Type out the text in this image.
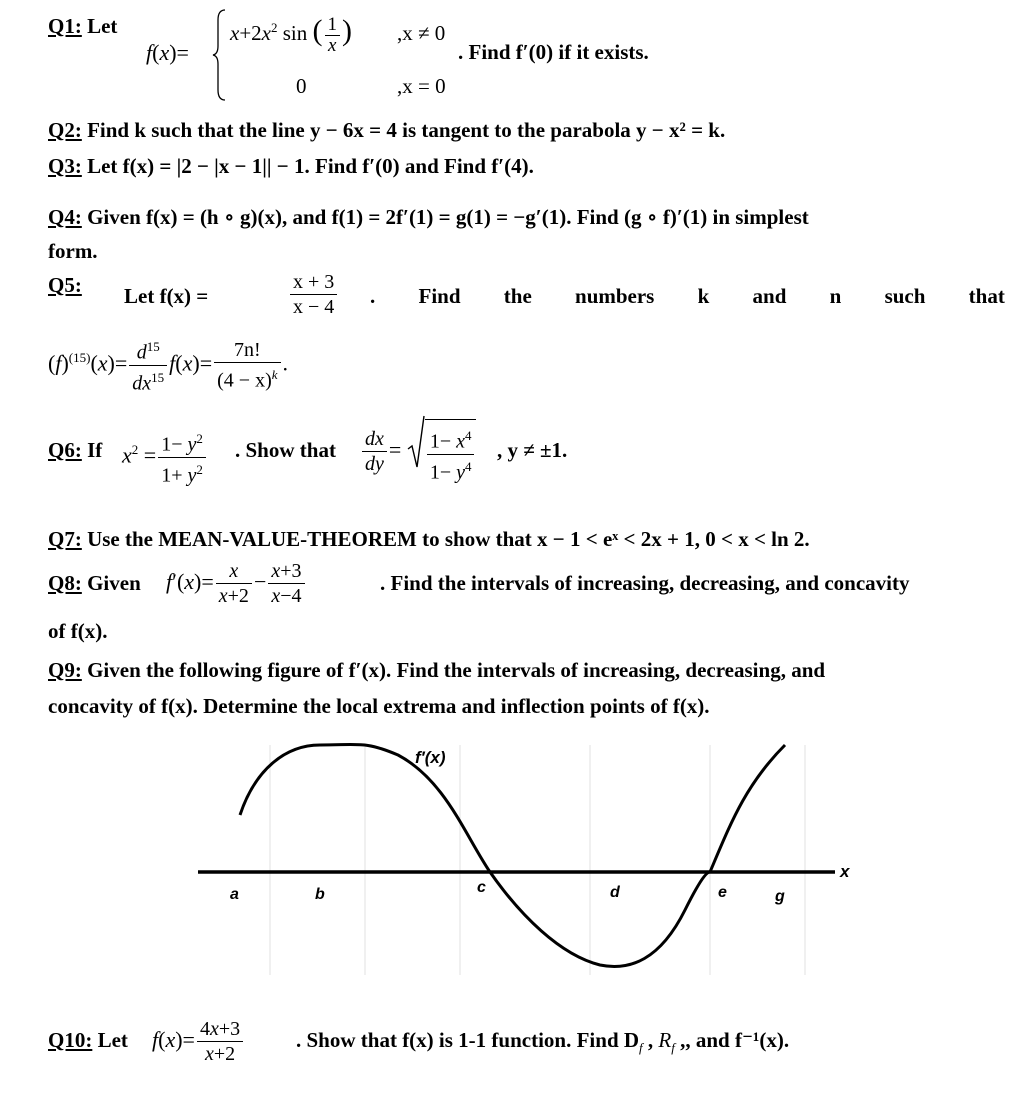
Q1: Let
f(x)=
$x+2x^2$ sin ( $\frac{1}{x}$ ) ,x ≠ 0
0	,x = 0
. Find f′(0) if it exists.
Q2: Find k such that the line y − 6x = 4 is tangent to the parabola y − x² = k.
Q3: Let f(x) = |2 − |x − 1|| − 1. Find f′(0) and Find f′(4).
Q4: Given f(x) = (h ∘ g)(x), and f(1) = 2f′(1) = g(1) = −g′(1). Find (g ∘ f)′(1) in simplest
form.
Q5: Let f(x) =	$\frac{x + 3}{x - 4}$ . Find the numbers k and n such that
$(f)^{(15)}(x)= \frac{d^{15}}{dx^{15}} f(x)= \frac{7n!}{(4 - x)^k}$ .
Q6: If $x^2 = \frac{1- y^2}{1+ y^2}$ . Show that $\frac{dx}{dy} = \frac{1- x^4}{1- y^4}$ , y ≠ ±1.
Q7: Use the MEAN-VALUE-THEOREM to show that x − 1 < eˣ < 2x + 1, 0 < x < ln 2.
Q8: Given $f'(x)= \frac{x}{x+2} - \frac{x+3}{x-4}$	. Find the intervals of increasing, decreasing, and concavity
of f(x).
Q9: Given the following figure of f′(x). Find the intervals of increasing, decreasing, and
concavity of f(x). Determine the local extrema and inflection points of f(x).
f′(x)
x
a	b	c	d	e	g
Q10: Let $f(x)= \frac{4x+3}{x+2}$	. Show that f(x) is 1-1 function. Find $D_f$ , $R_f$ ,, and f⁻¹(x).
